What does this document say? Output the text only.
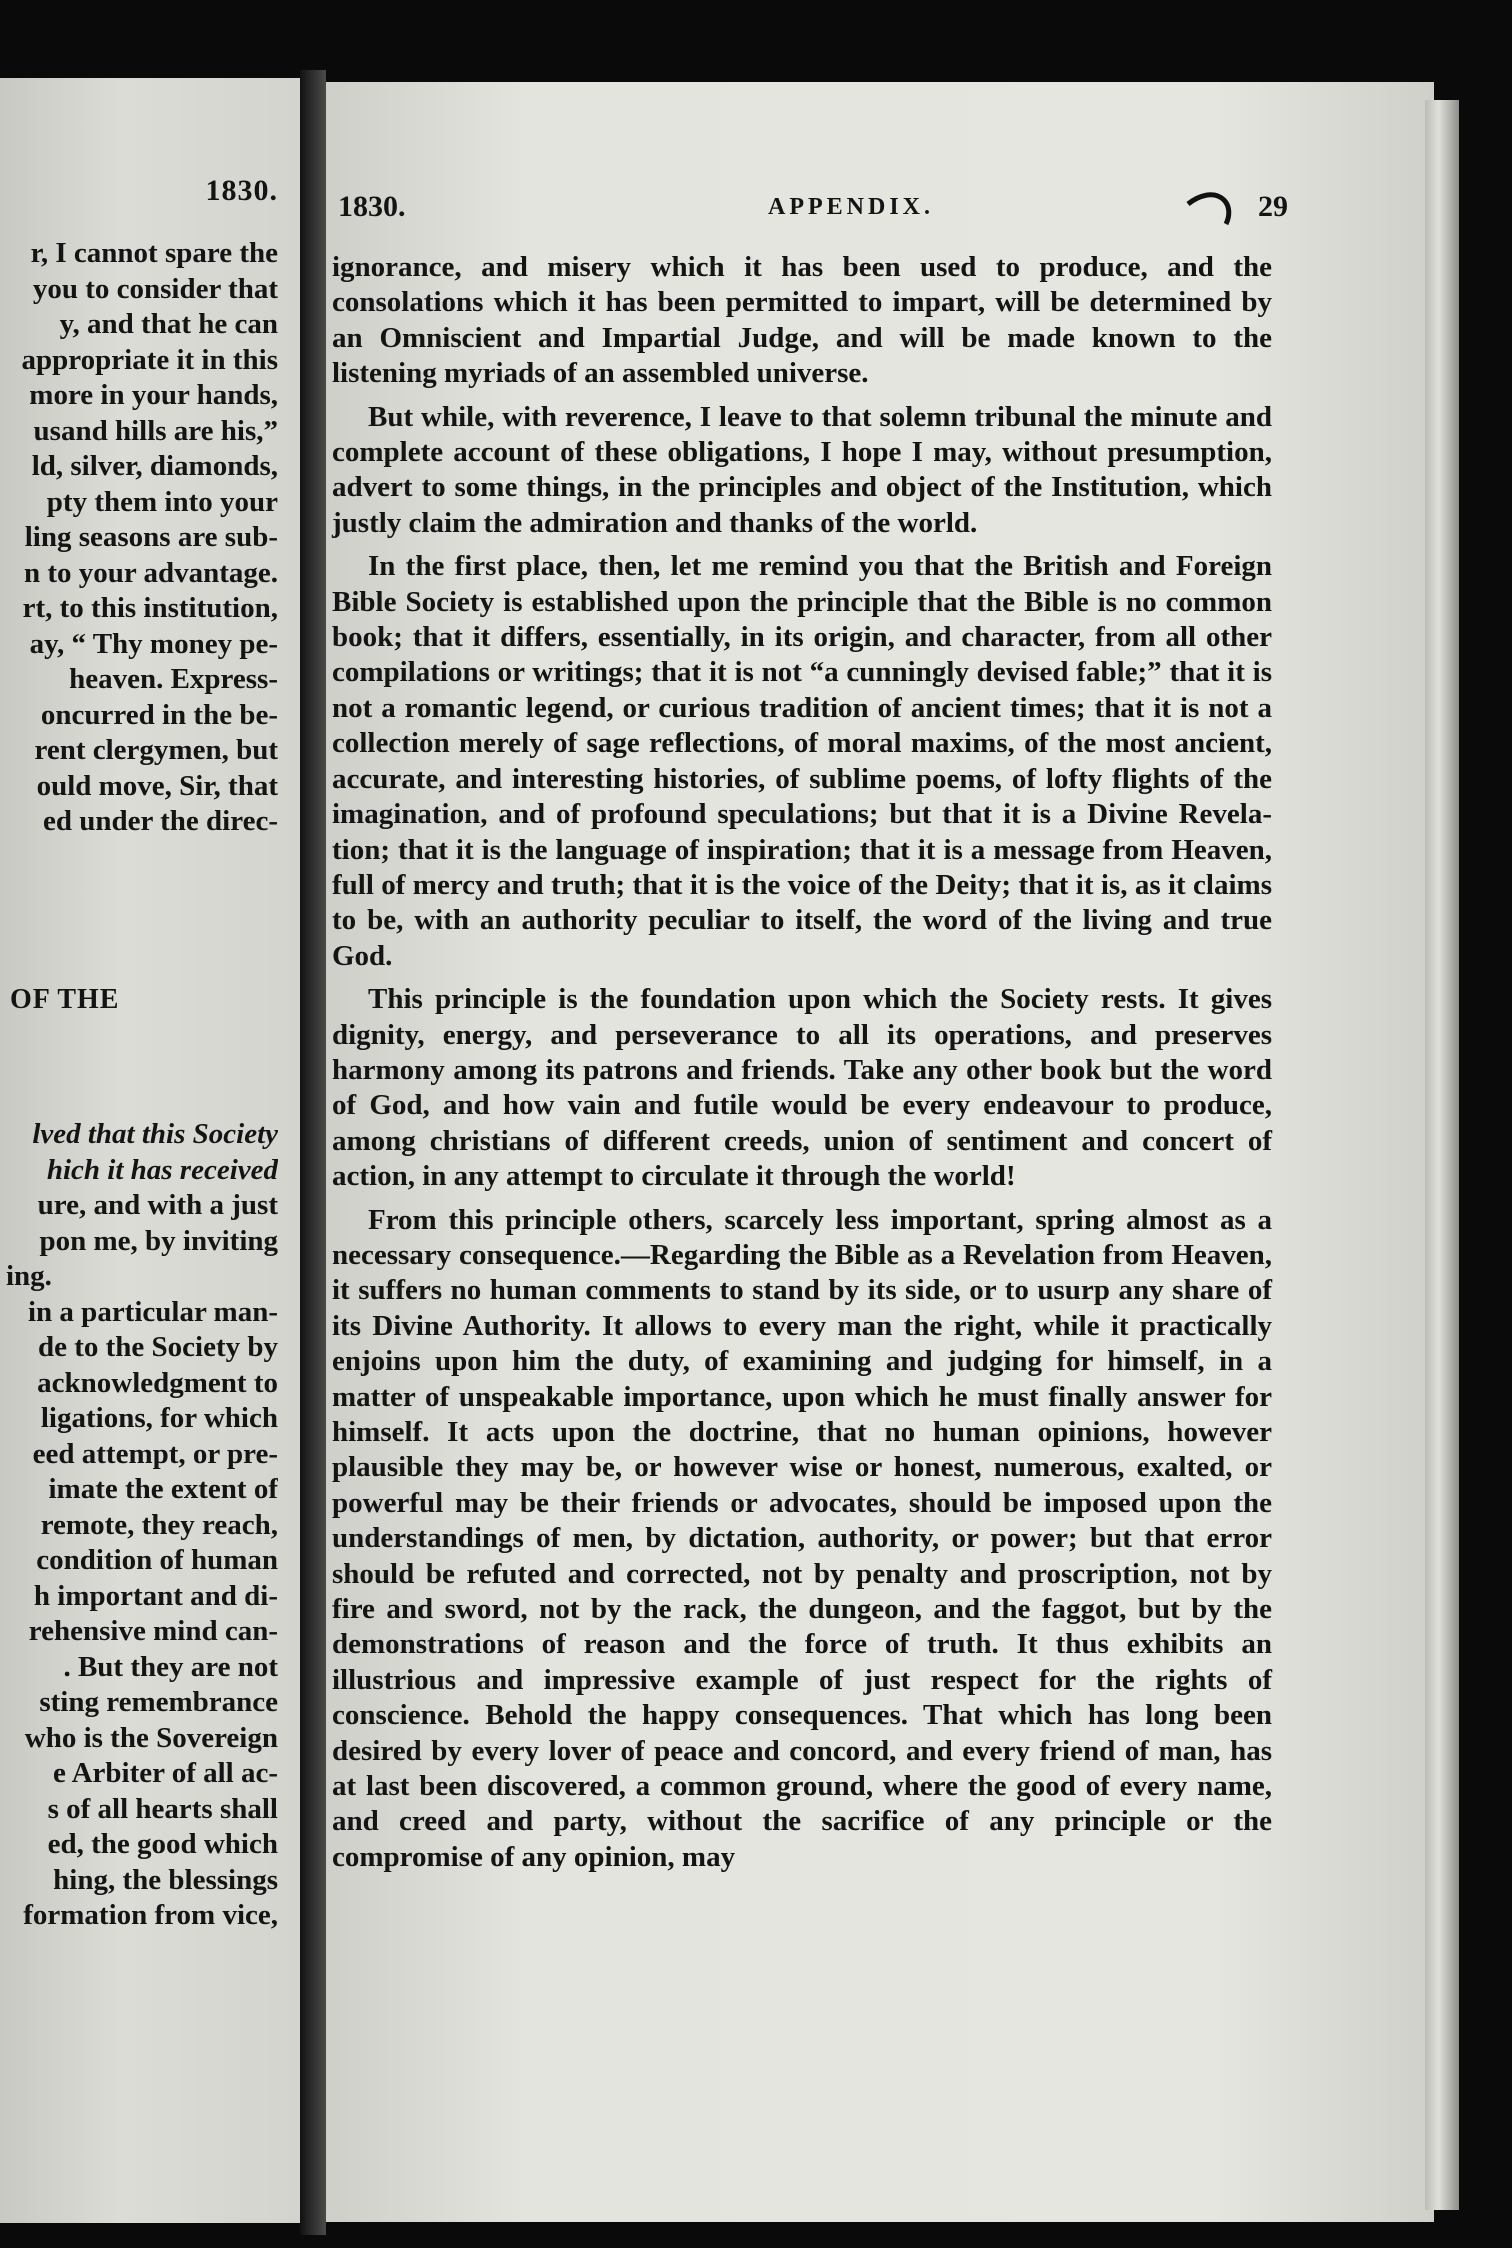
1830.
r, I cannot spare the
you to consider that
y, and that he can
appropriate it in this
more in your hands,
usand hills are his,”
ld, silver, diamonds,
pty them into your
ling seasons are sub-
n to your advantage.
rt, to this institution,
ay, “ Thy money pe-
heaven. Express-
oncurred in the be-
rent clergymen, but
ould move, Sir, that
ed under the direc-
OF THE
lved that this Society
hich it has received
ure, and with a just
pon me, by inviting
ing.
in a particular man-
de to the Society by
acknowledgment to
ligations, for which
eed attempt, or pre-
imate the extent of
remote, they reach,
condition of human
h important and di-
rehensive mind can-
. But they are not
sting remembrance
who is the Sovereign
e Arbiter of all ac-
s of all hearts shall
ed, the good which
hing, the blessings
formation from vice,
1830.	APPENDIX.	29

ignorance, and misery which it has been used to produce, and the consolations which it has been permitted to impart, will be determined by an Omniscient and Impartial Judge, and will be made known to the listening myriads of an assembled universe.

But while, with reverence, I leave to that solemn tribunal the minute and complete account of these obligations, I hope I may, without presumption, advert to some things, in the principles and object of the Institution, which justly claim the admiration and thanks of the world.

In the first place, then, let me remind you that the British and Foreign Bible Society is established upon the principle that the Bible is no common book; that it differs, essentially, in its origin, and character, from all other compilations or writings; that it is not “a cunningly devised fable;” that it is not a romantic legend, or curious tradition of ancient times; that it is not a collection merely of sage reflections, of moral maxims, of the most ancient, accurate, and interesting histories, of sublime poems, of lofty flights of the imagination, and of profound speculations; but that it is a Divine Revelation; that it is the language of inspiration; that it is a message from Heaven, full of mercy and truth; that it is the voice of the Deity; that it is, as it claims to be, with an authority peculiar to itself, the word of the living and true God.

This principle is the foundation upon which the Society rests. It gives dignity, energy, and perseverance to all its operations, and preserves harmony among its patrons and friends. Take any other book but the word of God, and how vain and futile would be every endeavour to produce, among christians of different creeds, union of sentiment and concert of action, in any attempt to circulate it through the world!

From this principle others, scarcely less important, spring almost as a necessary consequence.—Regarding the Bible as a Revelation from Heaven, it suffers no human comments to stand by its side, or to usurp any share of its Divine Authority. It allows to every man the right, while it practically enjoins upon him the duty, of examining and judging for himself, in a matter of unspeakable importance, upon which he must finally answer for himself. It acts upon the doctrine, that no human opinions, however plausible they may be, or however wise or honest, numerous, exalted, or powerful may be their friends or advocates, should be imposed upon the understandings of men, by dictation, authority, or power; but that error should be refuted and corrected, not by penalty and proscription, not by fire and sword, not by the rack, the dungeon, and the faggot, but by the demonstrations of reason and the force of truth. It thus exhibits an illustrious and impressive example of just respect for the rights of conscience. Behold the happy consequences. That which has long been desired by every lover of peace and concord, and every friend of man, has at last been discovered, a common ground, where the good of every name, and creed and party, without the sacrifice of any principle or the compromise of any opinion, may
